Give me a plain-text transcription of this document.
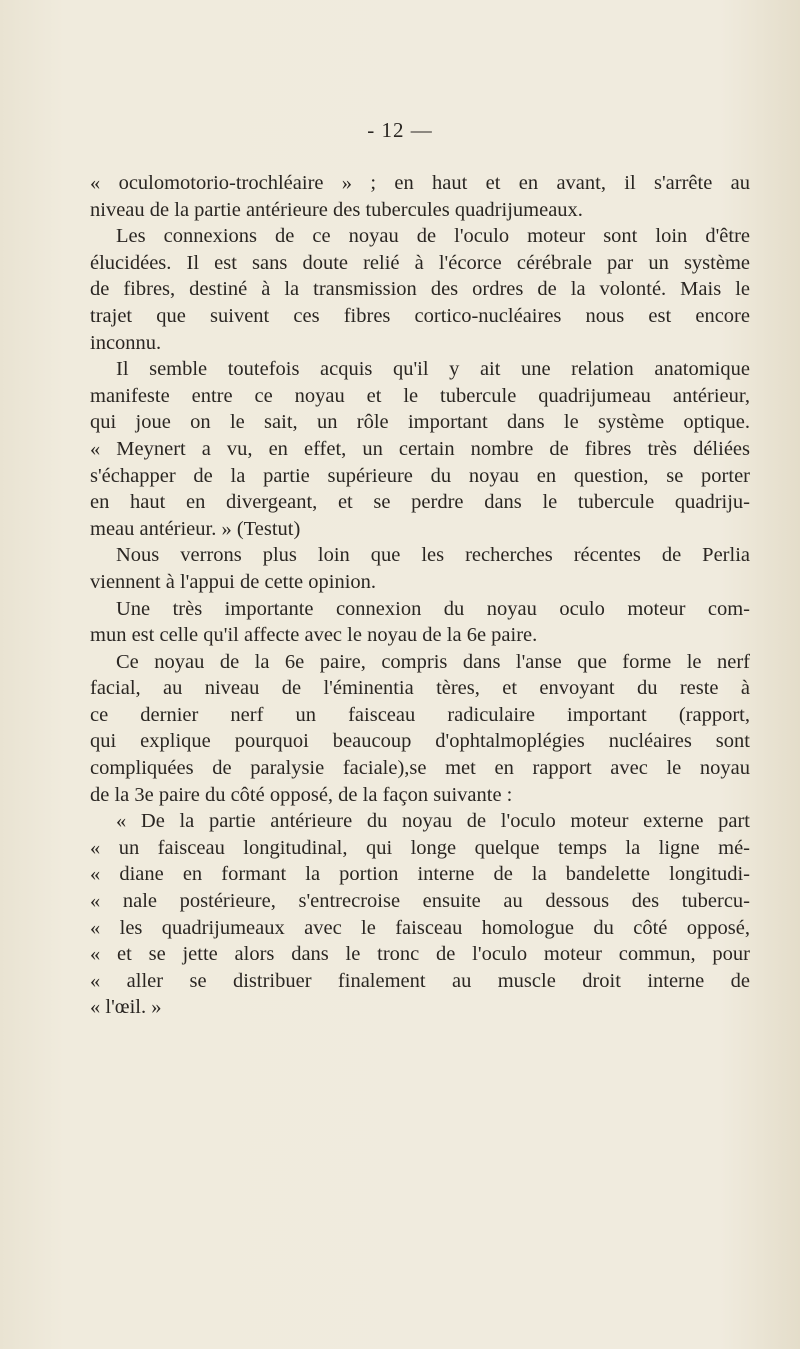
- 12 —
« oculomotorio-trochléaire » ; en haut et en avant, il s'arrête au
niveau de la partie antérieure des tubercules quadrijumeaux.
Les connexions de ce noyau de l'oculo moteur sont loin d'être
élucidées. Il est sans doute relié à l'écorce cérébrale par un système
de fibres, destiné à la transmission des ordres de la volonté. Mais le
trajet que suivent ces fibres cortico-nucléaires nous est encore
inconnu.
Il semble toutefois acquis qu'il y ait une relation anatomique
manifeste entre ce noyau et le tubercule quadrijumeau antérieur,
qui joue on le sait, un rôle important dans le système optique.
« Meynert a vu, en effet, un certain nombre de fibres très déliées
s'échapper de la partie supérieure du noyau en question, se porter
en haut en divergeant, et se perdre dans le tubercule quadriju-
meau antérieur. » (Testut)
Nous verrons plus loin que les recherches récentes de Perlia
viennent à l'appui de cette opinion.
Une très importante connexion du noyau oculo moteur com-
mun est celle qu'il affecte avec le noyau de la 6e paire.
Ce noyau de la 6e paire, compris dans l'anse que forme le nerf
facial, au niveau de l'éminentia tères, et envoyant du reste à
ce dernier nerf un faisceau radiculaire important (rapport,
qui explique pourquoi beaucoup d'ophtalmoplégies nucléaires sont
compliquées de paralysie faciale),se met en rapport avec le noyau
de la 3e paire du côté opposé, de la façon suivante :
« De la partie antérieure du noyau de l'oculo moteur externe part
« un faisceau longitudinal, qui longe quelque temps la ligne mé-
« diane en formant la portion interne de la bandelette longitudi-
« nale postérieure, s'entrecroise ensuite au dessous des tubercu-
« les quadrijumeaux avec le faisceau homologue du côté opposé,
« et se jette alors dans le tronc de l'oculo moteur commun, pour
« aller se distribuer finalement au muscle droit interne de
« l'œil. »
